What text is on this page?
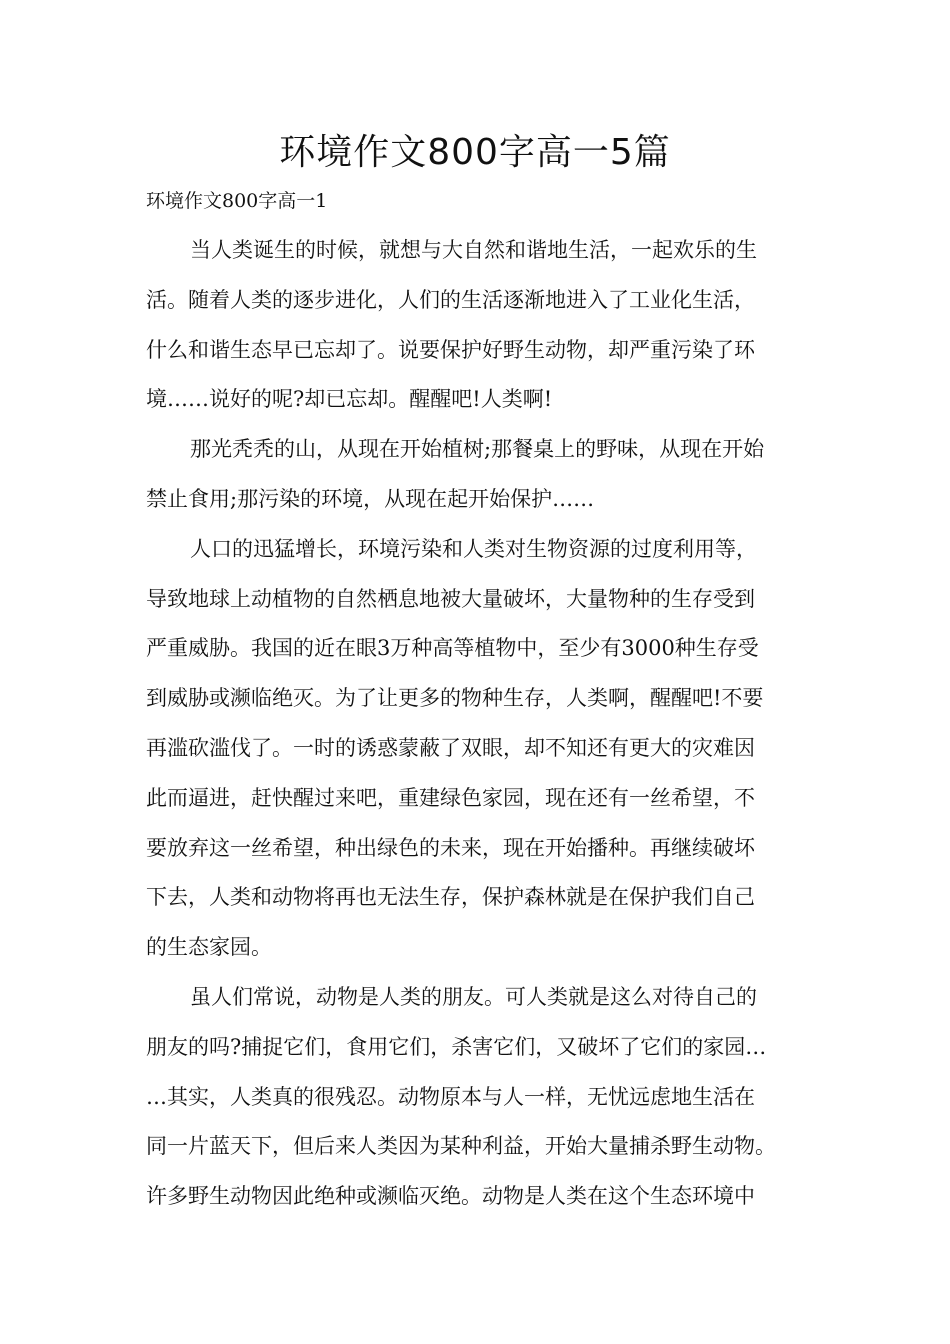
环境作文800字高一5篇

环境作文800字高一1

当人类诞生的时候，就想与大自然和谐地生活，一起欢乐的生
活。随着人类的逐步进化，人们的生活逐渐地进入了工业化生活，
什么和谐生态早已忘却了。说要保护好野生动物，却严重污染了环
境……说好的呢?却已忘却。醒醒吧!人类啊!
那光秃秃的山，从现在开始植树;那餐桌上的野味，从现在开始
禁止食用;那污染的环境，从现在起开始保护……
人口的迅猛增长，环境污染和人类对生物资源的过度利用等，
导致地球上动植物的自然栖息地被大量破坏，大量物种的生存受到
严重威胁。我国的近在眼3万种高等植物中，至少有3000种生存受
到威胁或濒临绝灭。为了让更多的物种生存，人类啊，醒醒吧!不要
再滥砍滥伐了。一时的诱惑蒙蔽了双眼，却不知还有更大的灾难因
此而逼进，赶快醒过来吧，重建绿色家园，现在还有一丝希望，不
要放弃这一丝希望，种出绿色的未来，现在开始播种。再继续破坏
下去，人类和动物将再也无法生存，保护森林就是在保护我们自己
的生态家园。
虽人们常说，动物是人类的朋友。可人类就是这么对待自己的
朋友的吗?捕捉它们，食用它们，杀害它们，又破坏了它们的家园…
…其实，人类真的很残忍。动物原本与人一样，无忧远虑地生活在
同一片蓝天下，但后来人类因为某种利益，开始大量捕杀野生动物。
许多野生动物因此绝种或濒临灭绝。动物是人类在这个生态环境中
